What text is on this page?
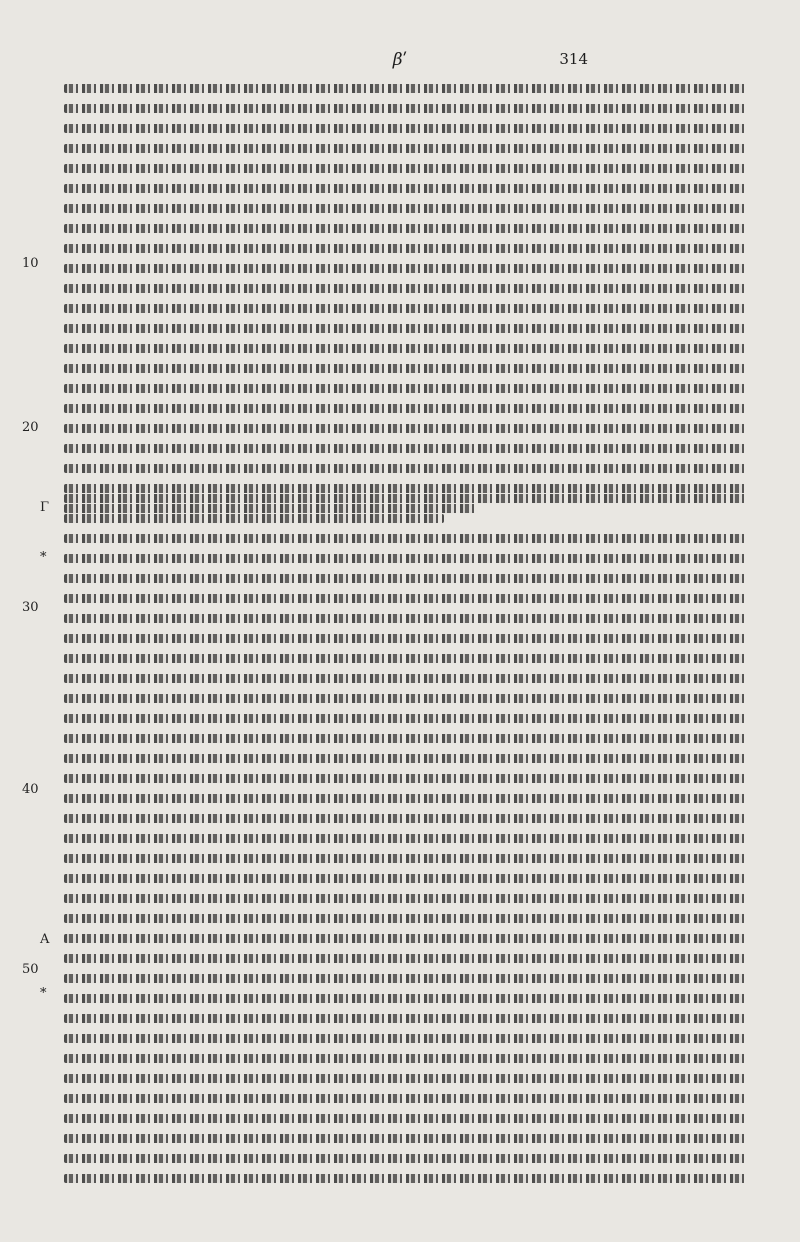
βʹ	314
10
20
30
40
50
Γ
Α
*
*
